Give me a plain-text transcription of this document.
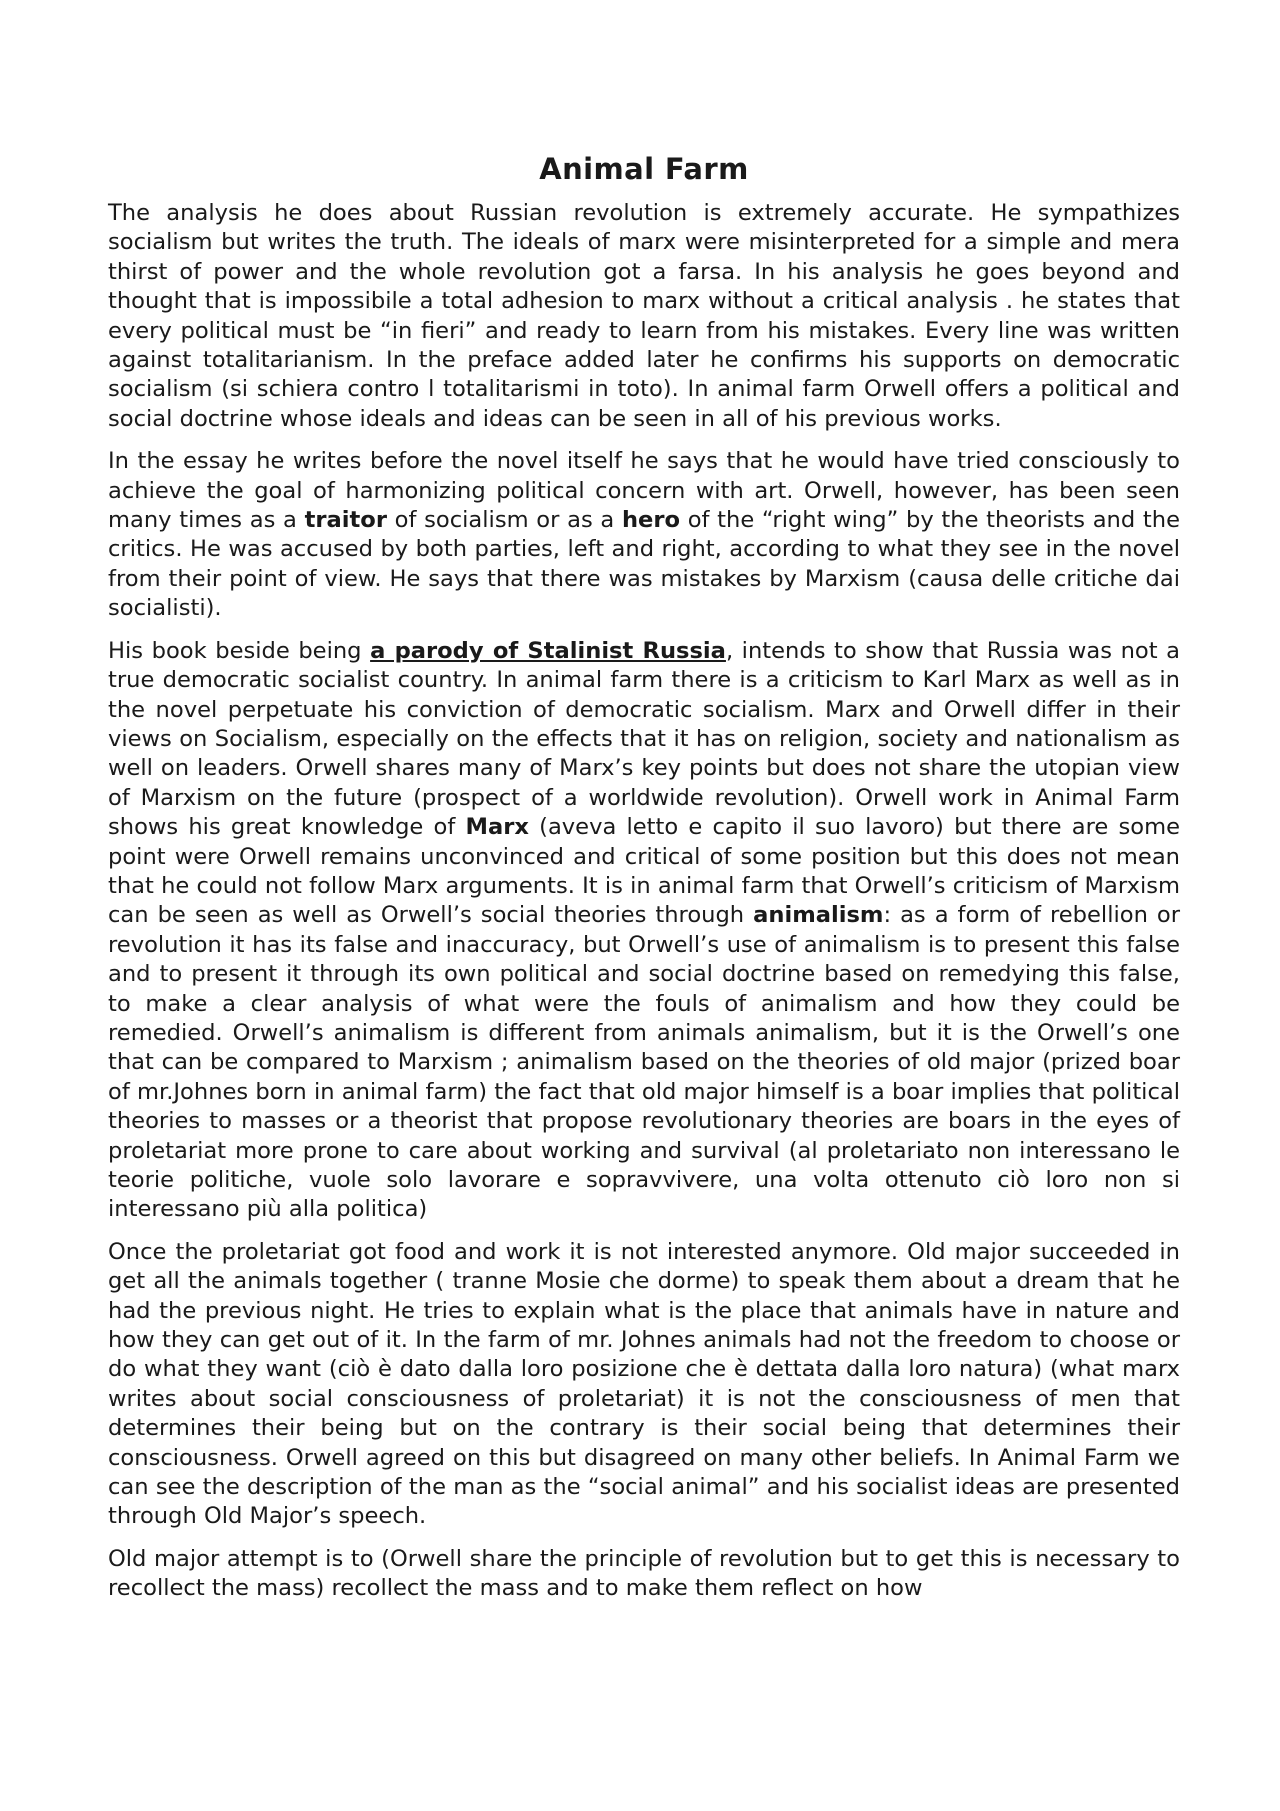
Animal Farm

The analysis he does about Russian revolution is extremely accurate. He sympathizes socialism but writes the truth. The ideals of marx were misinterpreted for a simple and mera thirst of power and the whole revolution got a farsa. In his analysis he goes beyond and thought that is impossibile a total adhesion to marx without a critical analysis . he states that every political must be “in fieri” and ready to learn from his mistakes. Every line was written against totalitarianism. In the preface added later he confirms his supports on democratic socialism (si schiera contro l totalitarismi in toto). In animal farm Orwell offers a political and social doctrine whose ideals and ideas can be seen in all of his previous works.

In the essay he writes before the novel itself he says that he would have tried consciously to achieve the goal of harmonizing political concern with art. Orwell, however, has been seen many times as a traitor of socialism or as a hero of the “right wing” by the theorists and the critics. He was accused by both parties, left and right, according to what they see in the novel from their point of view. He says that there was mistakes by Marxism (causa delle critiche dai socialisti).

His book beside being a parody of Stalinist Russia, intends to show that Russia was not a true democratic socialist country. In animal farm there is a criticism to Karl Marx as well as in the novel perpetuate his conviction of democratic socialism. Marx and Orwell differ in their views on Socialism, especially on the effects that it has on religion, society and nationalism as well on leaders. Orwell shares many of Marx’s key points but does not share the utopian view of Marxism on the future (prospect of a worldwide revolution). Orwell work in Animal Farm shows his great knowledge of Marx (aveva letto e capito il suo lavoro) but there are some point were Orwell remains unconvinced and critical of some position but this does not mean that he could not follow Marx arguments. It is in animal farm that Orwell’s criticism of Marxism can be seen as well as Orwell’s social theories through animalism: as a form of rebellion or revolution it has its false and inaccuracy, but Orwell’s use of animalism is to present this false and to present it through its own political and social doctrine based on remedying this false, to make a clear analysis of what were the fouls of animalism and how they could be remedied. Orwell’s animalism is different from animals animalism, but it is the Orwell’s one that can be compared to Marxism ; animalism based on the theories of old major (prized boar of mr.Johnes born in animal farm) the fact that old major himself is a boar implies that political theories to masses or a theorist that propose revolutionary theories are boars in the eyes of proletariat more prone to care about working and survival (al proletariato non interessano le teorie politiche, vuole solo lavorare e sopravvivere, una volta ottenuto ciò loro non si interessano più alla politica)

Once the proletariat got food and work it is not interested anymore. Old major succeeded in get all the animals together ( tranne Mosie che dorme) to speak them about a dream that he had the previous night. He tries to explain what is the place that animals have in nature and how they can get out of it. In the farm of mr. Johnes animals had not the freedom to choose or do what they want (ciò è dato dalla loro posizione che è dettata dalla loro natura) (what marx writes about social consciousness of proletariat) it is not the consciousness of men that determines their being but on the contrary is their social being that determines their consciousness. Orwell agreed on this but disagreed on many other beliefs. In Animal Farm we can see the description of the man as the “social animal” and his socialist ideas are presented through Old Major’s speech.

Old major attempt is to (Orwell share the principle of revolution but to get this is necessary to recollect the mass) recollect the mass and to make them reflect on how
